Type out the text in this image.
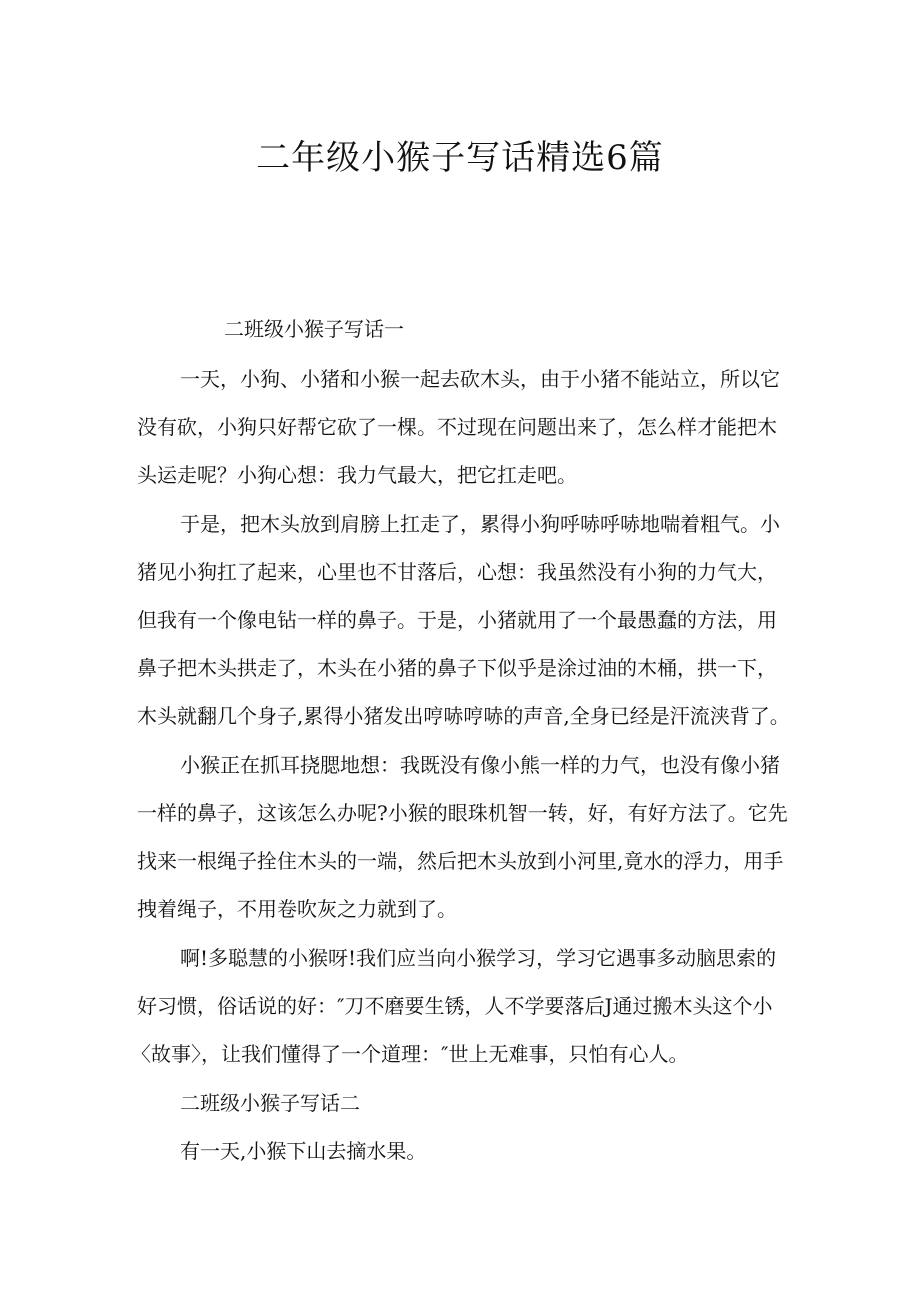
二年级小猴子写话精选6篇
二班级小猴子写话一
一天，小狗、小猪和小猴一起去砍木头，由于小猪不能站立，所以它
没有砍，小狗只好帮它砍了一棵。不过现在问题出来了，怎么样才能把木
头运走呢？小狗心想：我力气最大，把它扛走吧。
于是，把木头放到肩膀上扛走了，累得小狗呼哧呼哧地喘着粗气。小
猪见小狗扛了起来，心里也不甘落后，心想：我虽然没有小狗的力气大，
但我有一个像电钻一样的鼻子。于是，小猪就用了一个最愚蠢的方法，用
鼻子把木头拱走了，木头在小猪的鼻子下似乎是涂过油的木桶，拱一下，
木头就翻几个身子,累得小猪发出哼哧哼哧的声音,全身已经是汗流浃背了。
小猴正在抓耳挠腮地想：我既没有像小熊一样的力气，也没有像小猪
一样的鼻子，这该怎么办呢?小猴的眼珠机智一转，好，有好方法了。它先
找来一根绳子拴住木头的一端，然后把木头放到小河里,竟水的浮力，用手
拽着绳子，不用卷吹灰之力就到了。
啊!多聪慧的小猴呀!我们应当向小猴学习，学习它遇事多动脑思索的
好习惯，俗话说的好：″刀不磨要生锈，人不学要落后J通过搬木头这个小
〈故事〉，让我们懂得了一个道理：″世上无难事，只怕有心人。
二班级小猴子写话二
有一天,小猴下山去摘水果。
